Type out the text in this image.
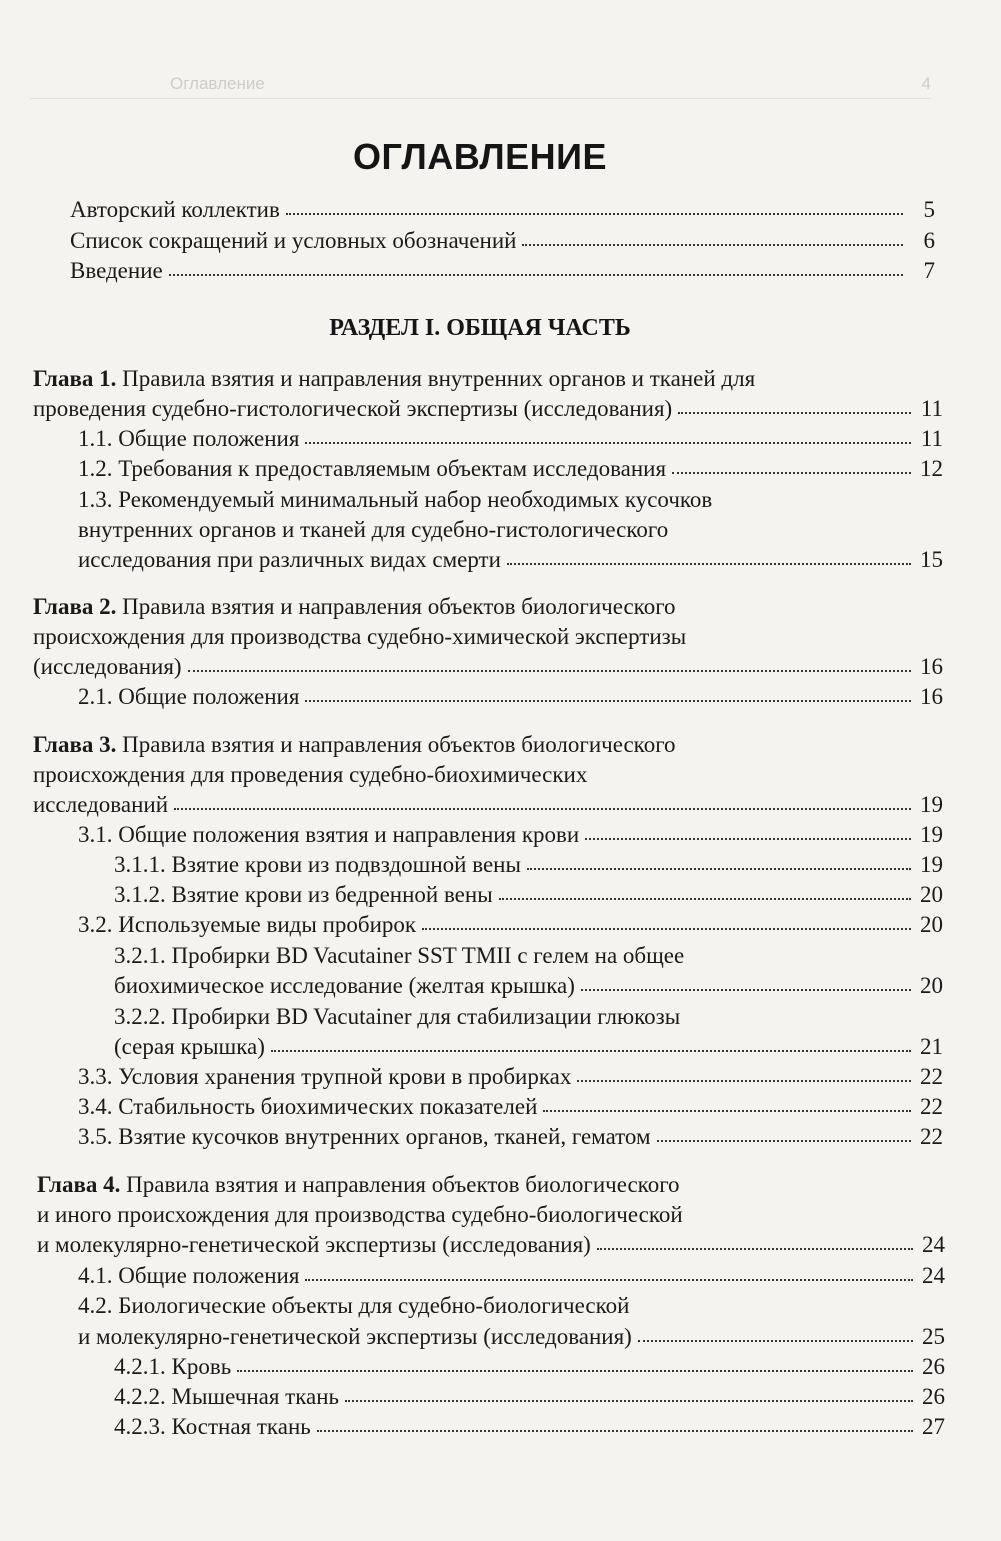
Оглавление	4
ОГЛАВЛЕНИЕ
РАЗДЕЛ I. ОБЩАЯ ЧАСТЬ
Авторский коллектив	5
Список сокращений и условных обозначений	6
Введение	7
Глава 1. Правила взятия и направления внутренних органов и тканей для
проведения судебно-гистологической экспертизы (исследования)	11
1.1. Общие положения	11
1.2. Требования к предоставляемым объектам исследования	12
1.3. Рекомендуемый минимальный набор необходимых кусочков
внутренних органов и тканей для судебно-гистологического
исследования при различных видах смерти	15
Глава 2. Правила взятия и направления объектов биологического
происхождения для производства судебно-химической экспертизы
(исследования)	16
2.1. Общие положения	16
Глава 3. Правила взятия и направления объектов биологического
происхождения для проведения судебно-биохимических
исследований	19
3.1. Общие положения взятия и направления крови	19
3.1.1. Взятие крови из подвздошной вены	19
3.1.2. Взятие крови из бедренной вены	20
3.2. Используемые виды пробирок	20
3.2.1. Пробирки BD Vacutainer SST TMII с гелем на общее
биохимическое исследование (желтая крышка)	20
3.2.2. Пробирки BD Vacutainer для стабилизации глюкозы
(серая крышка)	21
3.3. Условия хранения трупной крови в пробирках	22
3.4. Стабильность биохимических показателей	22
3.5. Взятие кусочков внутренних органов, тканей, гематом	22
Глава 4. Правила взятия и направления объектов биологического
и иного происхождения для производства судебно-биологической
и молекулярно-генетической экспертизы (исследования)	24
4.1. Общие положения	24
4.2. Биологические объекты для судебно-биологической
и молекулярно-генетической экспертизы (исследования)	25
4.2.1. Кровь	26
4.2.2. Мышечная ткань	26
4.2.3. Костная ткань	27
